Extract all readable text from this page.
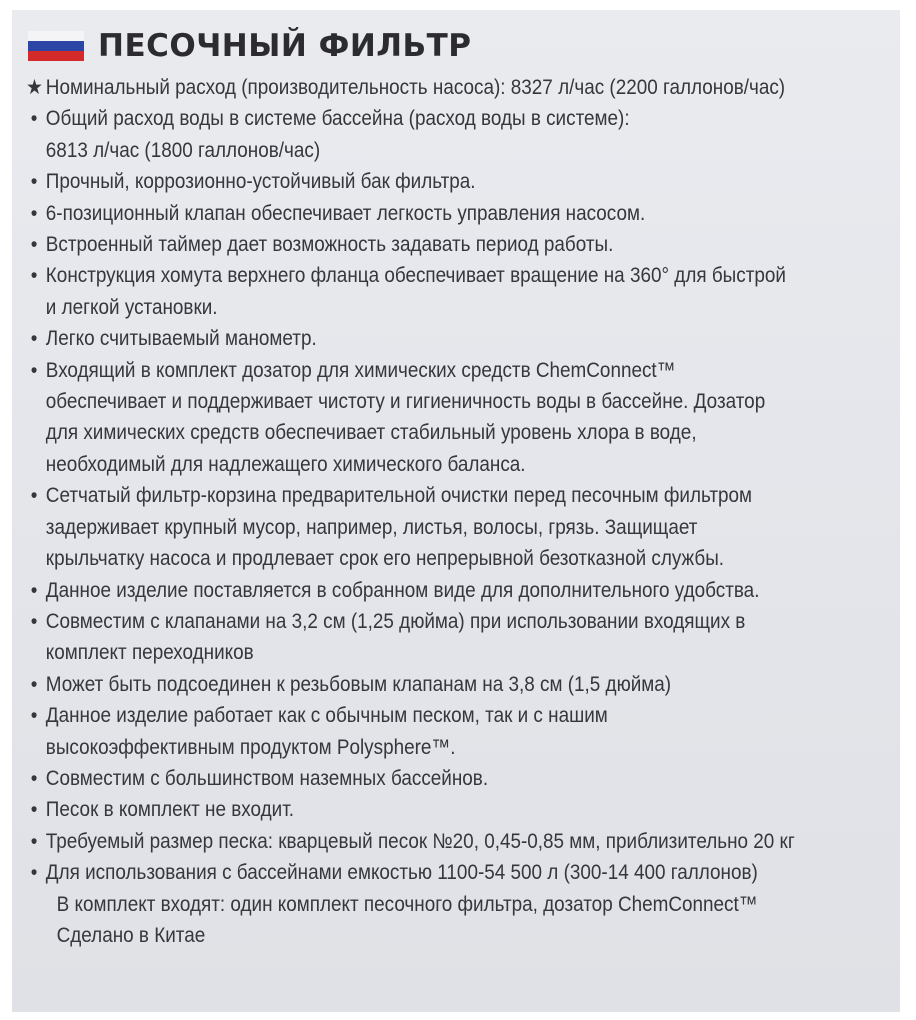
ПЕСОЧНЫЙ ФИЛЬТР
★ Номинальный расход (производительность насоса): 8327 л/час (2200 галлонов/час)
• Общий расход воды в системе бассейна (расход воды в системе):
6813 л/час (1800 галлонов/час)
• Прочный, коррозионно-устойчивый бак фильтра.
• 6-позиционный клапан обеспечивает легкость управления насосом.
• Встроенный таймер дает возможность задавать период работы.
• Конструкция хомута верхнего фланца обеспечивает вращение на 360° для быстрой
и легкой установки.
• Легко считываемый манометр.
• Входящий в комплект дозатор для химических средств ChemConnect™
обеспечивает и поддерживает чистоту и гигиеничность воды в бассейне. Дозатор
для химических средств обеспечивает стабильный уровень хлора в воде,
необходимый для надлежащего химического баланса.
• Сетчатый фильтр-корзина предварительной очистки перед песочным фильтром
задерживает крупный мусор, например, листья, волосы, грязь. Защищает
крыльчатку насоса и продлевает срок его непрерывной безотказной службы.
• Данное изделие поставляется в собранном виде для дополнительного удобства.
• Совместим с клапанами на 3,2 см (1,25 дюйма) при использовании входящих в
комплект переходников
• Может быть подсоединен к резьбовым клапанам на 3,8 см (1,5 дюйма)
• Данное изделие работает как с обычным песком, так и с нашим
высокоэффективным продуктом Polysphere™.
• Совместим с большинством наземных бассейнов.
• Песок в комплект не входит.
• Требуемый размер песка: кварцевый песок №20, 0,45-0,85 мм, приблизительно 20 кг
• Для использования с бассейнами емкостью 1100-54 500 л (300-14 400 галлонов)
В комплект входят: один комплект песочного фильтра, дозатор ChemConnect™
Сделано в Китае
